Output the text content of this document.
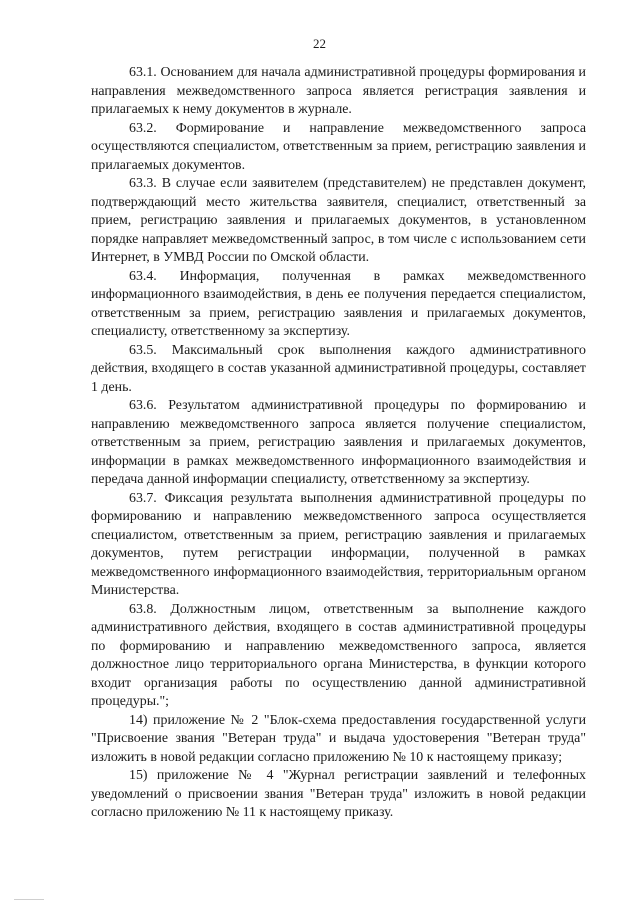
22

63.1. Основанием для начала административной процедуры формирования и направления межведомственного запроса является регистрация заявления и прилагаемых к нему документов в журнале.

63.2. Формирование и направление межведомственного запроса осуществляются специалистом, ответственным за прием, регистрацию заявления и прилагаемых документов.

63.3. В случае если заявителем (представителем) не представлен документ, подтверждающий место жительства заявителя, специалист, ответственный за прием, регистрацию заявления и прилагаемых документов, в установленном порядке направляет межведомственный запрос, в том числе с использованием сети Интернет, в УМВД России по Омской области.

63.4. Информация, полученная в рамках межведомственного информационного взаимодействия, в день ее получения передается специалистом, ответственным за прием, регистрацию заявления и прилагаемых документов, специалисту, ответственному за экспертизу.

63.5. Максимальный срок выполнения каждого административного действия, входящего в состав указанной административной процедуры, составляет 1 день.

63.6. Результатом административной процедуры по формированию и направлению межведомственного запроса является получение специалистом, ответственным за прием, регистрацию заявления и прилагаемых документов, информации в рамках межведомственного информационного взаимодействия и передача данной информации специалисту, ответственному за экспертизу.

63.7. Фиксация результата выполнения административной процедуры по формированию и направлению межведомственного запроса осуществляется специалистом, ответственным за прием, регистрацию заявления и прилагаемых документов, путем регистрации информации, полученной в рамках межведомственного информационного взаимодействия, территориальным органом Министерства.

63.8. Должностным лицом, ответственным за выполнение каждого административного действия, входящего в состав административной процедуры по формированию и направлению межведомственного запроса, является должностное лицо территориального органа Министерства, в функции которого входит организация работы по осуществлению данной административной процедуры.";

14) приложение № 2 "Блок-схема предоставления государственной услуги "Присвоение звания "Ветеран труда" и выдача удостоверения "Ветеран труда" изложить в новой редакции согласно приложению № 10 к настоящему приказу;

15) приложение № 4 "Журнал регистрации заявлений и телефонных уведомлений о присвоении звания "Ветеран труда" изложить в новой редакции согласно приложению № 11 к настоящему приказу.
